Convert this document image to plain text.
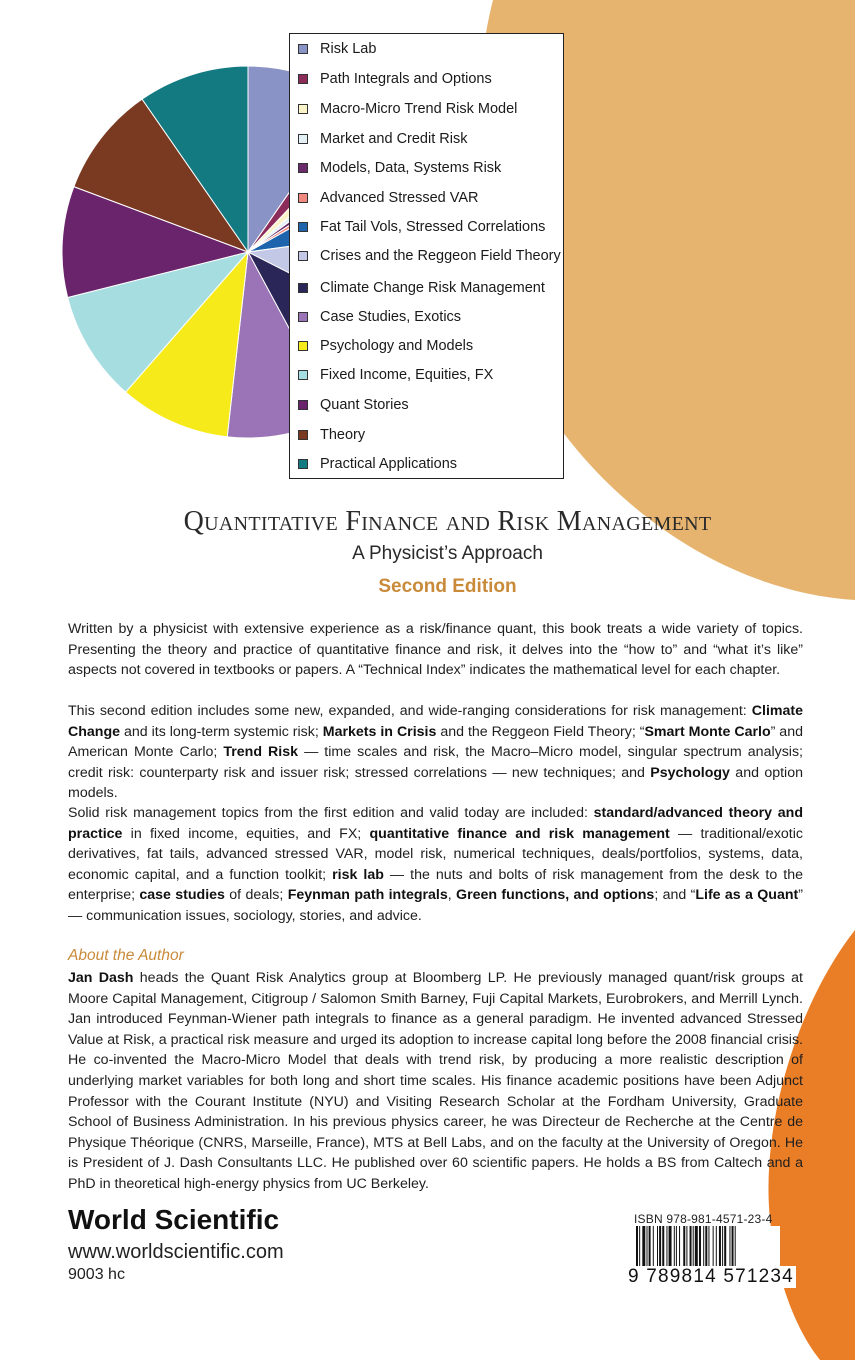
Risk Lab
Path Integrals and Options
Macro-Micro Trend Risk Model
Market and Credit Risk
Models, Data, Systems Risk
Advanced Stressed VAR
Fat Tail Vols, Stressed Correlations
Crises and the Reggeon Field Theory
Climate Change Risk Management
Case Studies, Exotics
Psychology and Models
Fixed Income, Equities, FX
Quant Stories
Theory
Practical Applications
Quantitative Finance and Risk Management
A Physicist’s Approach
Second Edition

Written by a physicist with extensive experience as a risk/finance quant, this book treats a wide variety of topics. Presenting the theory and practice of quantitative finance and risk, it delves into the “how to” and “what it’s like” aspects not covered in textbooks or papers. A “Technical Index” indicates the mathematical level for each chapter.

This second edition includes some new, expanded, and wide-ranging considerations for risk management: Climate Change and its long-term systemic risk; Markets in Crisis and the Reggeon Field Theory; “Smart Monte Carlo” and American Monte Carlo; Trend Risk — time scales and risk, the Macro–Micro model, singular spectrum analysis; credit risk: counterparty risk and issuer risk; stressed correlations — new techniques; and Psychology and option models.

Solid risk management topics from the first edition and valid today are included: standard/advanced theory and practice in fixed income, equities, and FX; quantitative finance and risk management — traditional/exotic derivatives, fat tails, advanced stressed VAR, model risk, numerical techniques, deals/portfolios, systems, data, economic capital, and a function toolkit; risk lab — the nuts and bolts of risk management from the desk to the enterprise; case studies of deals; Feynman path integrals, Green functions, and options; and “Life as a Quant” — communication issues, sociology, stories, and advice.

About the Author

Jan Dash heads the Quant Risk Analytics group at Bloomberg LP. He previously managed quant/risk groups at Moore Capital Management, Citigroup / Salomon Smith Barney, Fuji Capital Markets, Eurobrokers, and Merrill Lynch. Jan introduced Feynman-Wiener path integrals to finance as a general paradigm. He invented advanced Stressed Value at Risk, a practical risk measure and urged its adoption to increase capital long before the 2008 financial crisis. He co-invented the Macro-Micro Model that deals with trend risk, by producing a more realistic description of underlying market variables for both long and short time scales. His finance academic positions have been Adjunct Professor with the Courant Institute (NYU) and Visiting Research Scholar at the Fordham University, Graduate School of Business Administration. In his previous physics career, he was Directeur de Recherche at the Centre de Physique Théorique (CNRS, Marseille, France), MTS at Bell Labs, and on the faculty at the University of Oregon. He is President of J. Dash Consultants LLC. He published over 60 scientific papers. He holds a BS from Caltech and a PhD in theoretical high-energy physics from UC Berkeley.

World Scientific
www.worldscientific.com
9003 hc
ISBN 978-981-4571-23-4
9 789814 571234
